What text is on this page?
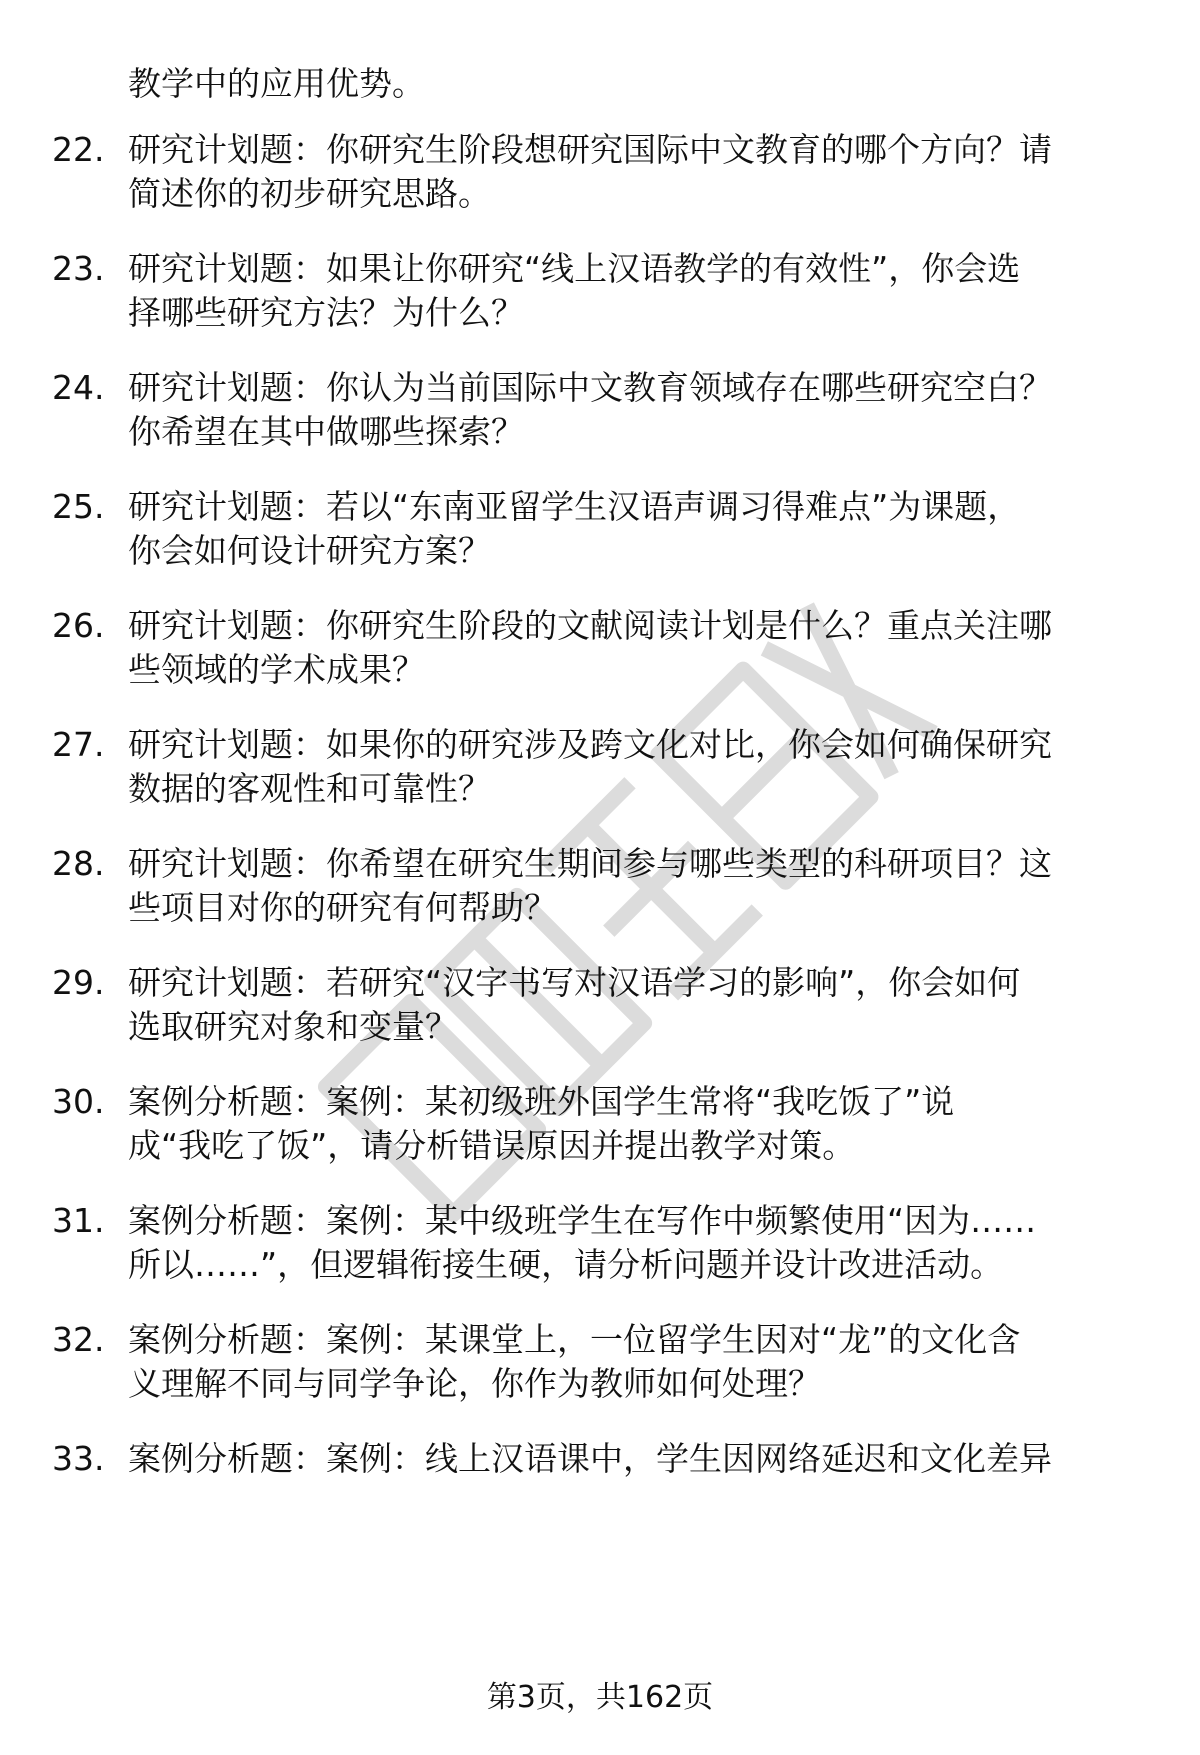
教学中的应用优势。
22. 研究计划题：你研究生阶段想研究国际中文教育的哪个方向？请
简述你的初步研究思路。
23. 研究计划题：如果让你研究“线上汉语教学的有效性”，你会选
择哪些研究方法？为什么？
24. 研究计划题：你认为当前国际中文教育领域存在哪些研究空白？
你希望在其中做哪些探索？
25. 研究计划题：若以“东南亚留学生汉语声调习得难点”为课题，
你会如何设计研究方案？
26. 研究计划题：你研究生阶段的文献阅读计划是什么？重点关注哪
些领域的学术成果？
27. 研究计划题：如果你的研究涉及跨文化对比，你会如何确保研究
数据的客观性和可靠性？
28. 研究计划题：你希望在研究生期间参与哪些类型的科研项目？这
些项目对你的研究有何帮助？
29. 研究计划题：若研究“汉字书写对汉语学习的影响”，你会如何
选取研究对象和变量？
30. 案例分析题：案例：某初级班外国学生常将“我吃饭了”说
成“我吃了饭”，请分析错误原因并提出教学对策。
31. 案例分析题：案例：某中级班学生在写作中频繁使用“因为……
所以……”，但逻辑衔接生硬，请分析问题并设计改进活动。
32. 案例分析题：案例：某课堂上，一位留学生因对“龙”的文化含
义理解不同与同学争论，你作为教师如何处理？
33. 案例分析题：案例：线上汉语课中，学生因网络延迟和文化差异
第3页，共162页
